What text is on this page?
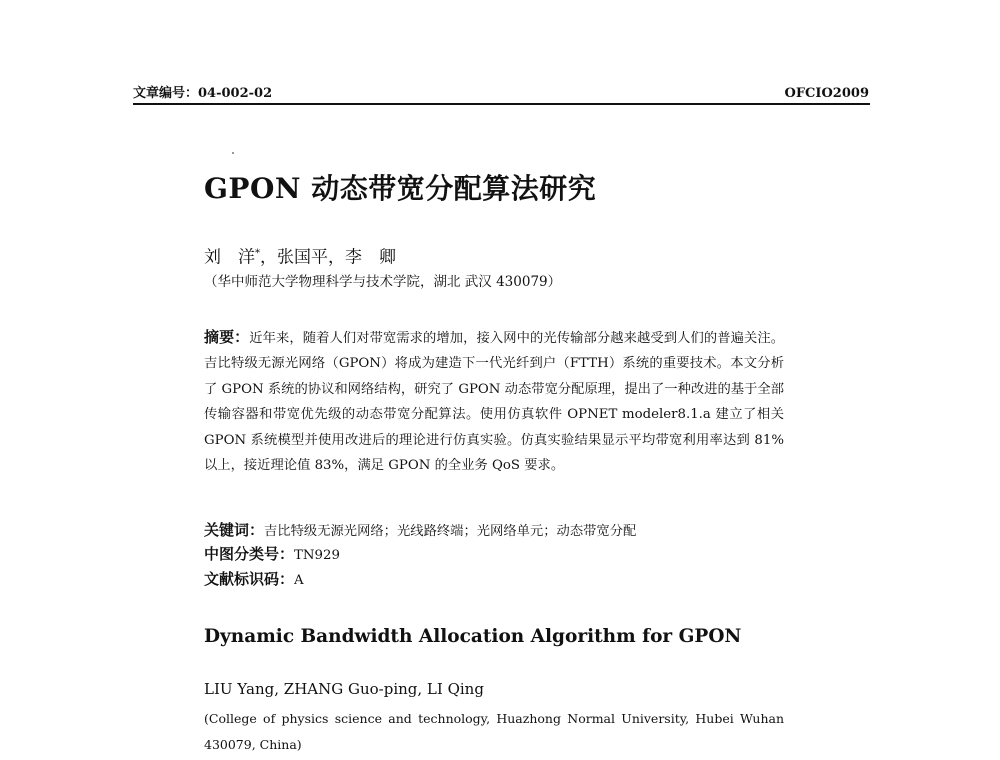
文章编号：04-002-02	OFCIO2009
GPON 动态带宽分配算法研究
刘　洋*，张国平，李　卿
（华中师范大学物理科学与技术学院，湖北 武汉 430079）
摘要：近年来，随着人们对带宽需求的增加，接入网中的光传输部分越来越受到人们的普遍关注。吉比特级无源光网络（GPON）将成为建造下一代光纤到户（FTTH）系统的重要技术。本文分析了 GPON 系统的协议和网络结构，研究了 GPON 动态带宽分配原理，提出了一种改进的基于全部传输容器和带宽优先级的动态带宽分配算法。使用仿真软件 OPNET modeler8.1.a 建立了相关 GPON 系统模型并使用改进后的理论进行仿真实验。仿真实验结果显示平均带宽利用率达到 81%以上，接近理论值 83%，满足 GPON 的全业务 QoS 要求。
关键词：吉比特级无源光网络；光线路终端；光网络单元；动态带宽分配
中图分类号：TN929
文献标识码：A
Dynamic Bandwidth Allocation Algorithm for GPON
LIU Yang, ZHANG Guo-ping, LI Qing
(College of physics science and technology, Huazhong Normal University, Hubei Wuhan 430079, China)
